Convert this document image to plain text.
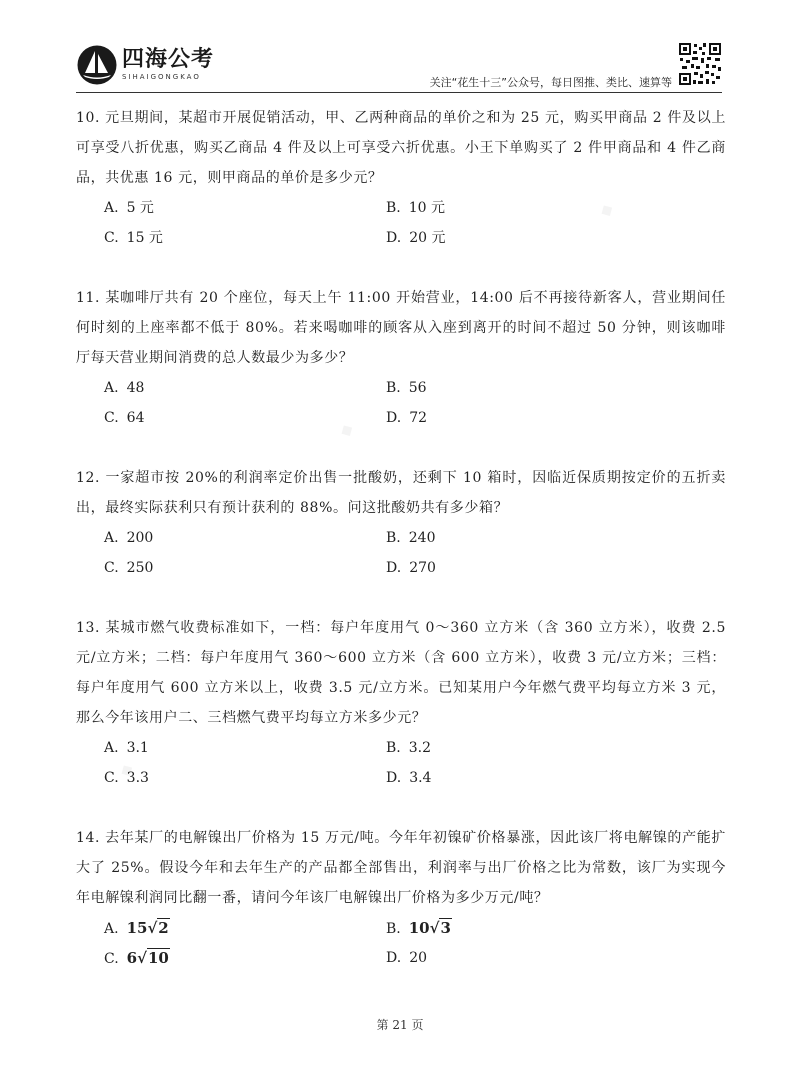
四海公考
SIHAIGONGKAO	关注“花生十三”公众号，每日图推、类比、速算等

10. 元旦期间，某超市开展促销活动，甲、乙两种商品的单价之和为 25 元，购买甲商品 2 件及以上可享受八折优惠，购买乙商品 4 件及以上可享受六折优惠。小王下单购买了 2 件甲商品和 4 件乙商品，共优惠 16 元，则甲商品的单价是多少元？

A. 5 元	B. 10 元
C. 15 元	D. 20 元

11. 某咖啡厅共有 20 个座位，每天上午 11:00 开始营业，14:00 后不再接待新客人，营业期间任何时刻的上座率都不低于 80%。若来喝咖啡的顾客从入座到离开的时间不超过 50 分钟，则该咖啡厅每天营业期间消费的总人数最少为多少？

A. 48	B. 56
C. 64	D. 72

12. 一家超市按 20%的利润率定价出售一批酸奶，还剩下 10 箱时，因临近保质期按定价的五折卖出，最终实际获利只有预计获利的 88%。问这批酸奶共有多少箱？

A. 200	B. 240
C. 250	D. 270

13. 某城市燃气收费标准如下，一档：每户年度用气 0～360 立方米（含 360 立方米），收费 2.5 元/立方米；二档：每户年度用气 360～600 立方米（含 600 立方米），收费 3 元/立方米；三档：每户年度用气 600 立方米以上，收费 3.5 元/立方米。已知某用户今年燃气费平均每立方米 3 元，那么今年该用户二、三档燃气费平均每立方米多少元？

A. 3.1	B. 3.2
C. 3.3	D. 3.4

14. 去年某厂的电解镍出厂价格为 15 万元/吨。今年年初镍矿价格暴涨，因此该厂将电解镍的产能扩大了 25%。假设今年和去年生产的产品都全部售出，利润率与出厂价格之比为常数，该厂为实现今年电解镍利润同比翻一番，请问今年该厂电解镍出厂价格为多少万元/吨？

A. 15√2	B. 10√3
C. 6√10	D. 20
第 21 页
